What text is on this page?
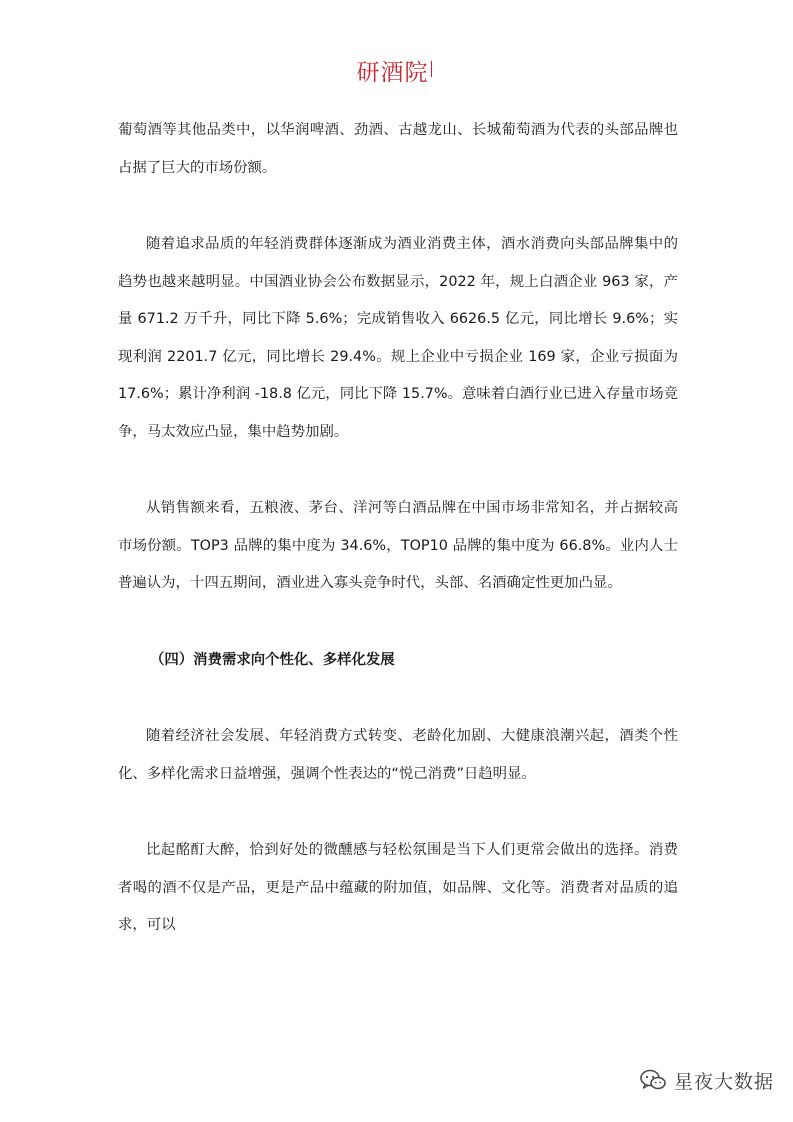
研酒院

葡萄酒等其他品类中，以华润啤酒、劲酒、古越龙山、长城葡萄酒为代表的头部品牌也占据了巨大的市场份额。

随着追求品质的年轻消费群体逐渐成为酒业消费主体，酒水消费向头部品牌集中的趋势也越来越明显。中国酒业协会公布数据显示，2022 年，规上白酒企业 963 家，产量 671.2 万千升，同比下降 5.6%；完成销售收入 6626.5 亿元，同比增长 9.6%；实现利润 2201.7 亿元，同比增长 29.4%。规上企业中亏损企业 169 家，企业亏损面为 17.6%；累计净利润 -18.8 亿元，同比下降 15.7%。意味着白酒行业已进入存量市场竞争，马太效应凸显，集中趋势加剧。

从销售额来看，五粮液、茅台、洋河等白酒品牌在中国市场非常知名，并占据较高市场份额。TOP3 品牌的集中度为 34.6%，TOP10 品牌的集中度为 66.8%。业内人士普遍认为，十四五期间，酒业进入寡头竞争时代，头部、名酒确定性更加凸显。

（四）消费需求向个性化、多样化发展

随着经济社会发展、年轻消费方式转变、老龄化加剧、大健康浪潮兴起，酒类个性化、多样化需求日益增强，强调个性表达的“悦己消费”日趋明显。

比起酩酊大醉，恰到好处的微醺感与轻松氛围是当下人们更常会做出的选择。消费者喝的酒不仅是产品，更是产品中蕴藏的附加值，如品牌、文化等。消费者对品质的追求，可以

星夜大数据
